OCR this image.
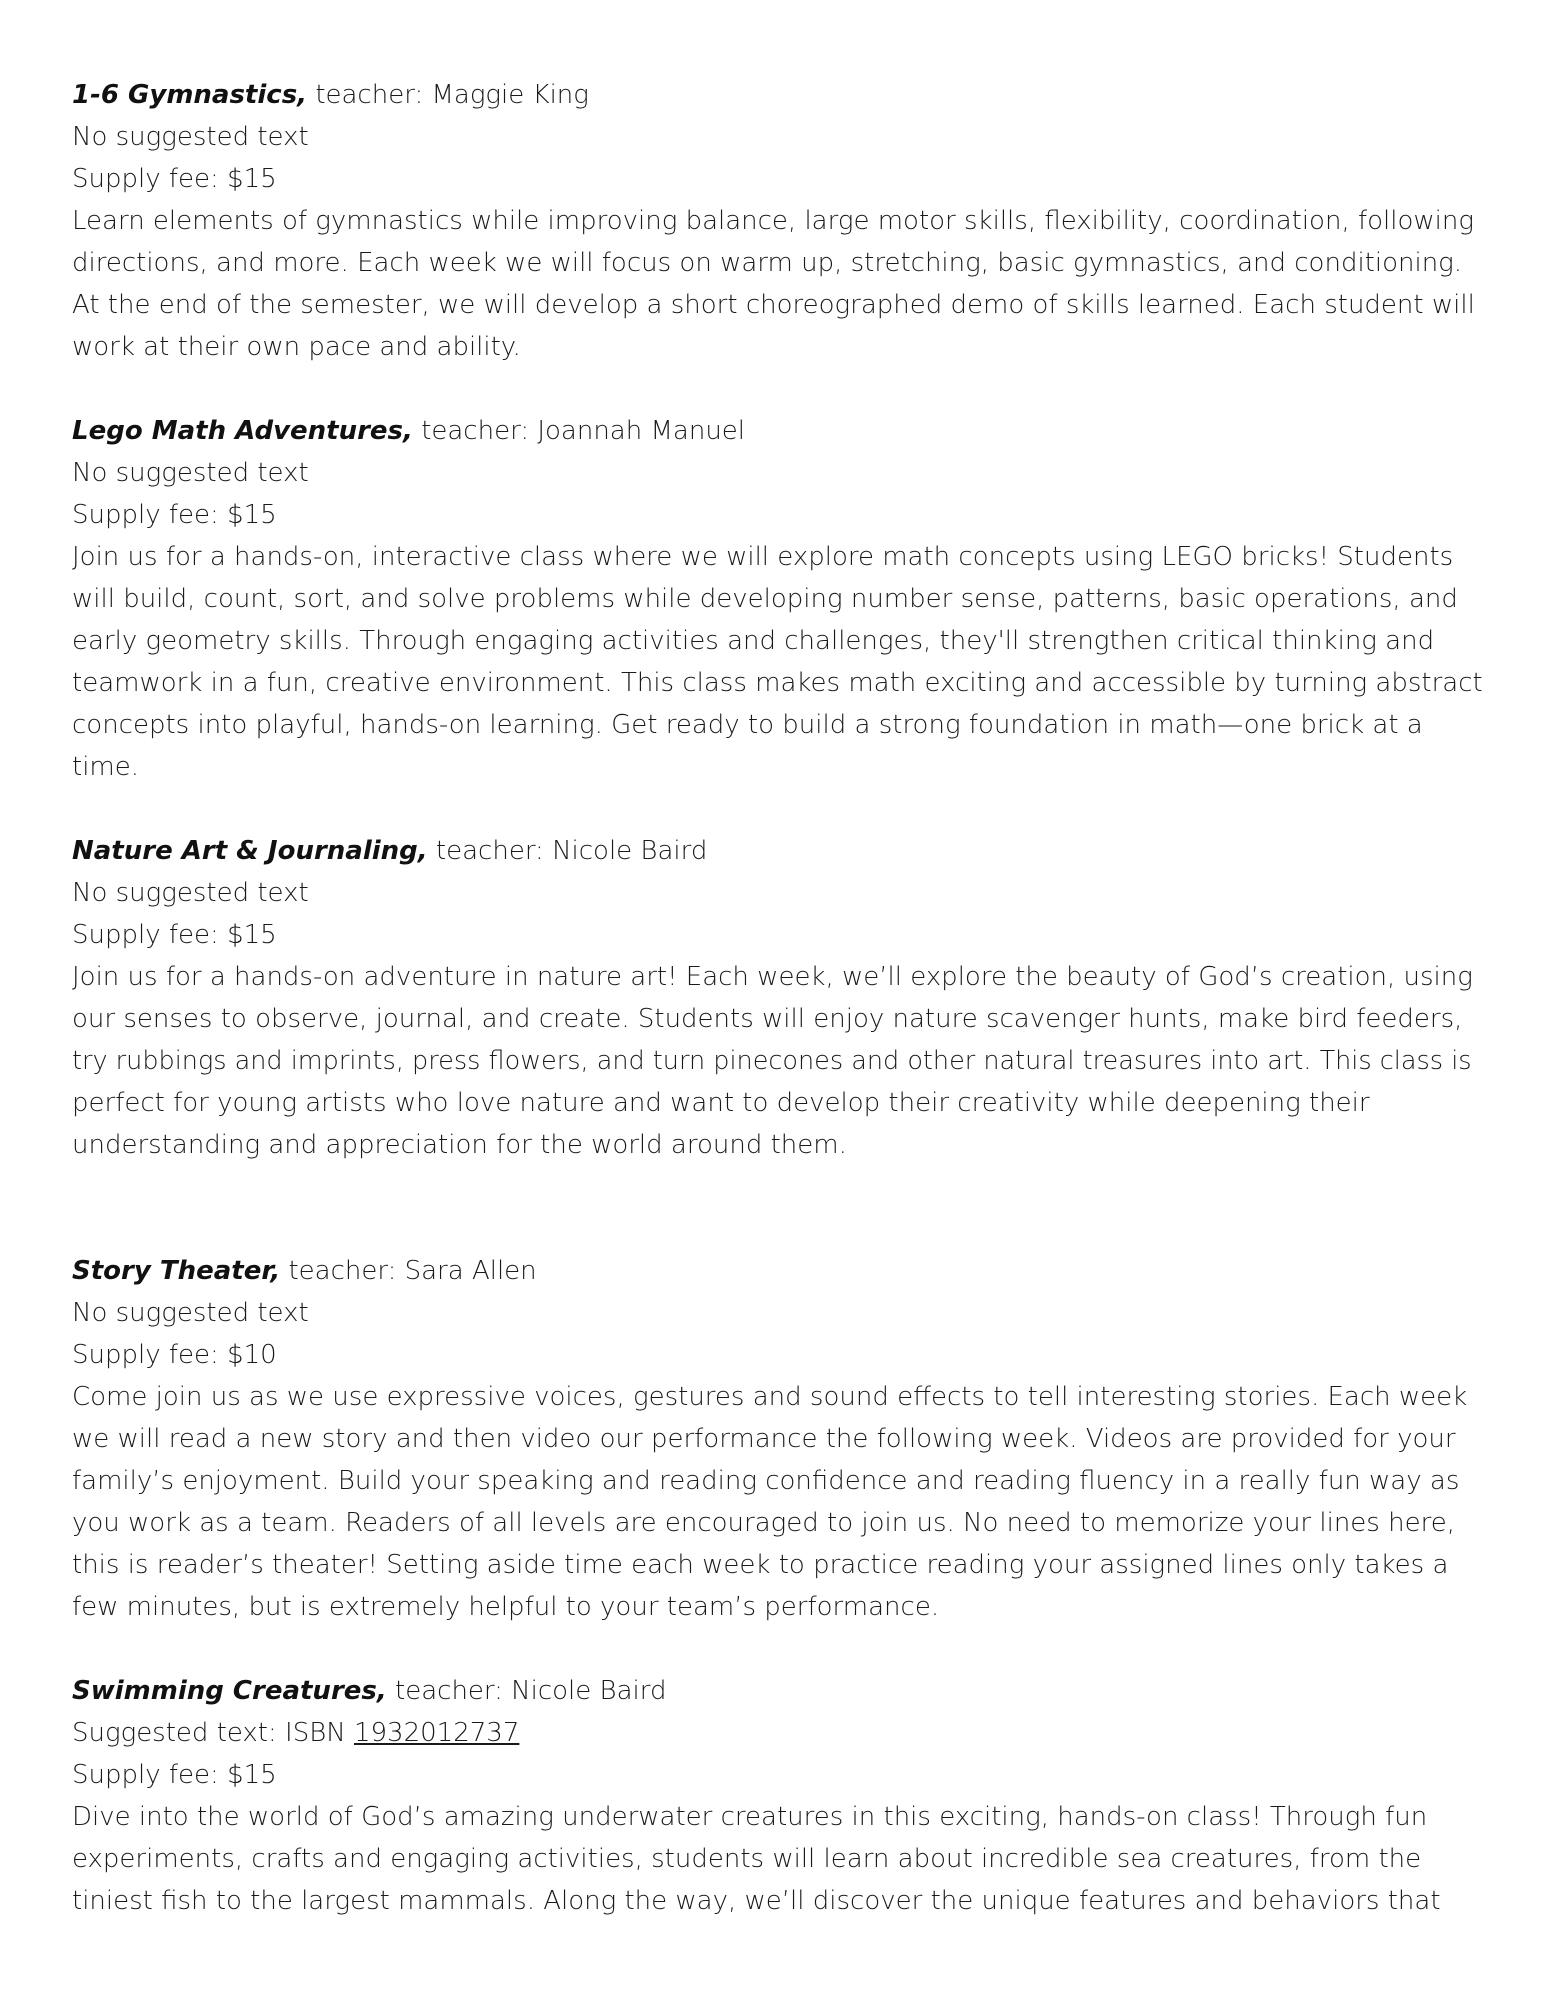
1-6 Gymnastics, teacher: Maggie King
No suggested text
Supply fee: $15
Learn elements of gymnastics while improving balance, large motor skills, flexibility, coordination, following
directions, and more. Each week we will focus on warm up, stretching, basic gymnastics, and conditioning.
At the end of the semester, we will develop a short choreographed demo of skills learned. Each student will
work at their own pace and ability.
Lego Math Adventures, teacher: Joannah Manuel
No suggested text
Supply fee: $15
Join us for a hands-on, interactive class where we will explore math concepts using LEGO bricks! Students
will build, count, sort, and solve problems while developing number sense, patterns, basic operations, and
early geometry skills. Through engaging activities and challenges, they'll strengthen critical thinking and
teamwork in a fun, creative environment. This class makes math exciting and accessible by turning abstract
concepts into playful, hands-on learning. Get ready to build a strong foundation in math—one brick at a
time.
Nature Art & Journaling, teacher: Nicole Baird
No suggested text
Supply fee: $15
Join us for a hands-on adventure in nature art! Each week, we’ll explore the beauty of God’s creation, using
our senses to observe, journal, and create. Students will enjoy nature scavenger hunts, make bird feeders,
try rubbings and imprints, press flowers, and turn pinecones and other natural treasures into art. This class is
perfect for young artists who love nature and want to develop their creativity while deepening their
understanding and appreciation for the world around them.
Story Theater, teacher: Sara Allen
No suggested text
Supply fee: $10
Come join us as we use expressive voices, gestures and sound effects to tell interesting stories. Each week
we will read a new story and then video our performance the following week. Videos are provided for your
family’s enjoyment. Build your speaking and reading confidence and reading fluency in a really fun way as
you work as a team. Readers of all levels are encouraged to join us. No need to memorize your lines here,
this is reader’s theater! Setting aside time each week to practice reading your assigned lines only takes a
few minutes, but is extremely helpful to your team’s performance.
Swimming Creatures, teacher: Nicole Baird
Suggested text: ISBN 1932012737
Supply fee: $15
Dive into the world of God’s amazing underwater creatures in this exciting, hands-on class! Through fun
experiments, crafts and engaging activities, students will learn about incredible sea creatures, from the
tiniest fish to the largest mammals. Along the way, we’ll discover the unique features and behaviors that
